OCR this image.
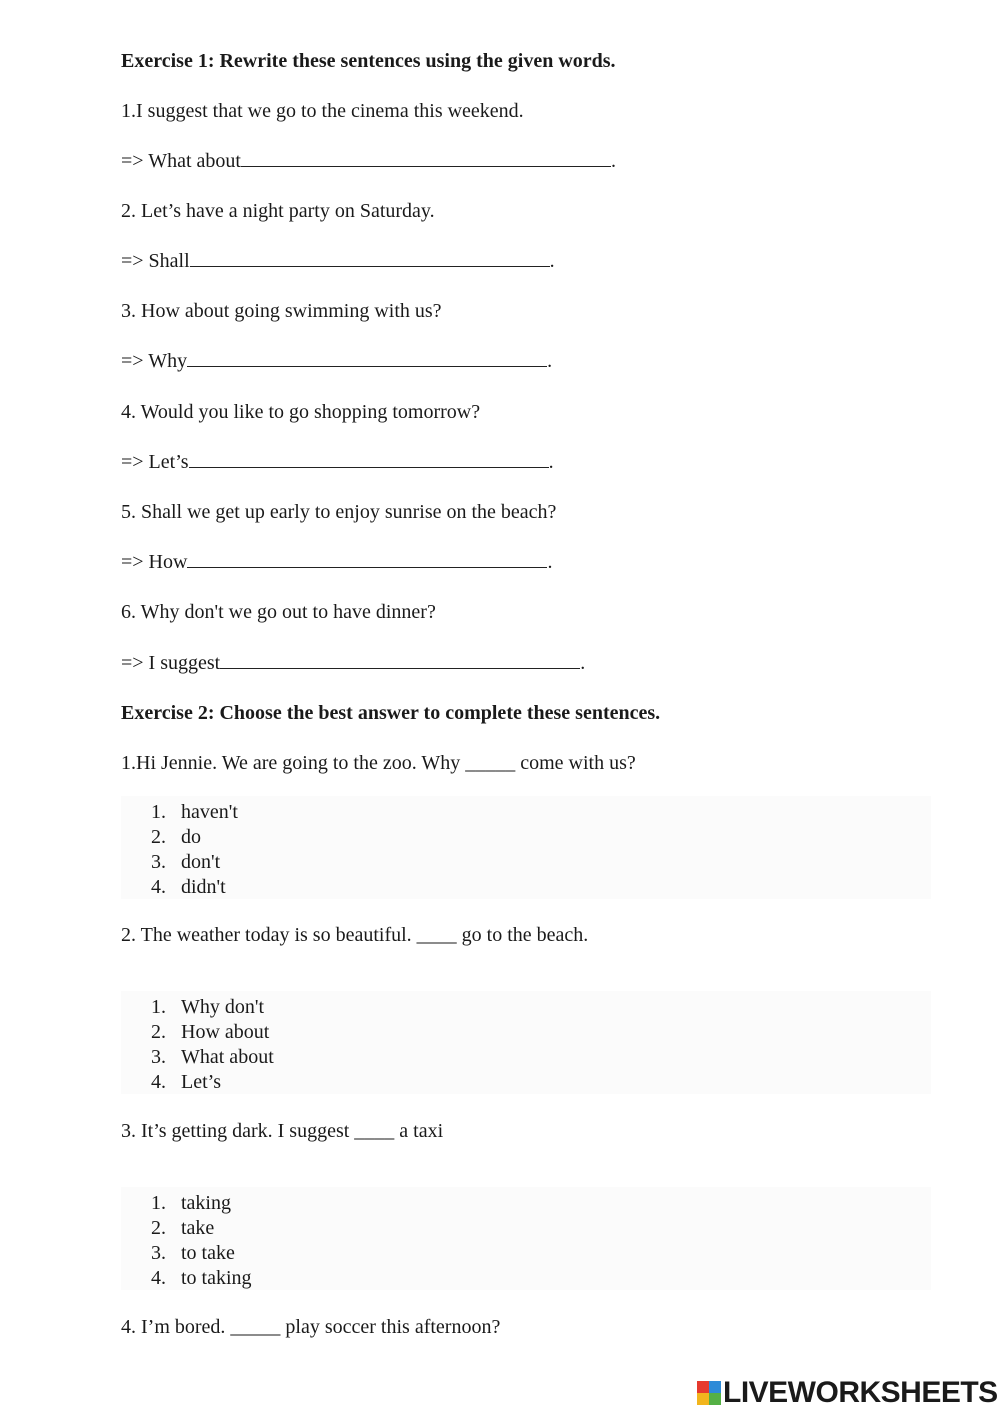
Exercise 1: Rewrite these sentences using the given words.
1.I suggest that we go to the cinema this weekend.
=> What about	.
2. Let’s have a night party on Saturday.
=> Shall	.
3. How about going swimming with us?
=> Why	.
4. Would you like to go shopping tomorrow?
=> Let’s	.
5. Shall we get up early to enjoy sunrise on the beach?
=> How	.
6. Why don't we go out to have dinner?
=> I suggest	.
Exercise 2: Choose the best answer to complete these sentences.
1.Hi Jennie. We are going to the zoo. Why _____ come with us?
1. haven't
2. do
3. don't
4. didn't
2. The weather today is so beautiful. ____ go to the beach.
1. Why don't
2. How about
3. What about
4. Let’s
3. It’s getting dark. I suggest ____ a taxi
1. taking
2. take
3. to take
4. to taking
4. I’m bored. _____ play soccer this afternoon?
LIVEWORKSHEETS
